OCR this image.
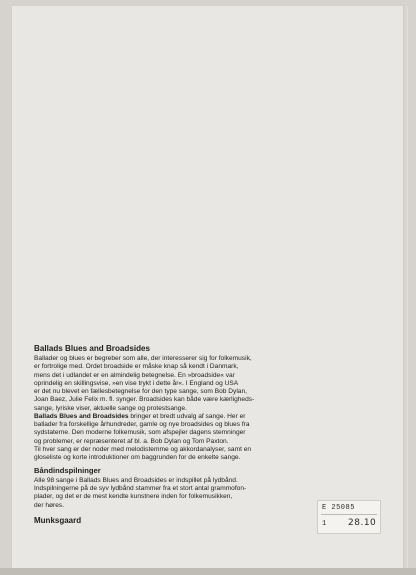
Ballads Blues and Broadsides
Ballader og blues er begreber som alle, der interesserer sig for folkemusik,
er fortrolige med. Ordet broadside er måske knap så kendt i Danmark,
mens det i udlandet er en almindelig betegnelse. En »broadside« var
oprindelig en skillingsvise, »en vise trykt i dette år«. I England og USA
er det nu blevet en fællesbetegnelse for den type sange, som Bob Dylan,
Joan Baez, Julie Felix m. fl. synger. Broadsides kan både være kærligheds-
sange, lyriske viser, aktuelle sange og protestsange.
Ballads Blues and Broadsides bringer et bredt udvalg af sange. Her er
ballader fra forskellige århundreder, gamle og nye broadsides og blues fra
sydstaterne. Den moderne folkemusik, som afspejler dagens stemninger
og problemer, er repræsenteret af bl. a. Bob Dylan og Tom Paxton.
Til hver sang er der noder med melodistemme og akkordanalyser, samt en
gloseliste og korte introduktioner om baggrunden for de enkelte sange.
Båndindspilninger
Alle 98 sange i Ballads Blues and Broadsides er indspillet på lydbånd.
Indspilningerne på de syv lydbånd stammer fra et stort antal grammofon-
plader, og det er de mest kendte kunstnere inden for folkemusikken,
der høres.
Munksgaard
E 25085
1 28.10
